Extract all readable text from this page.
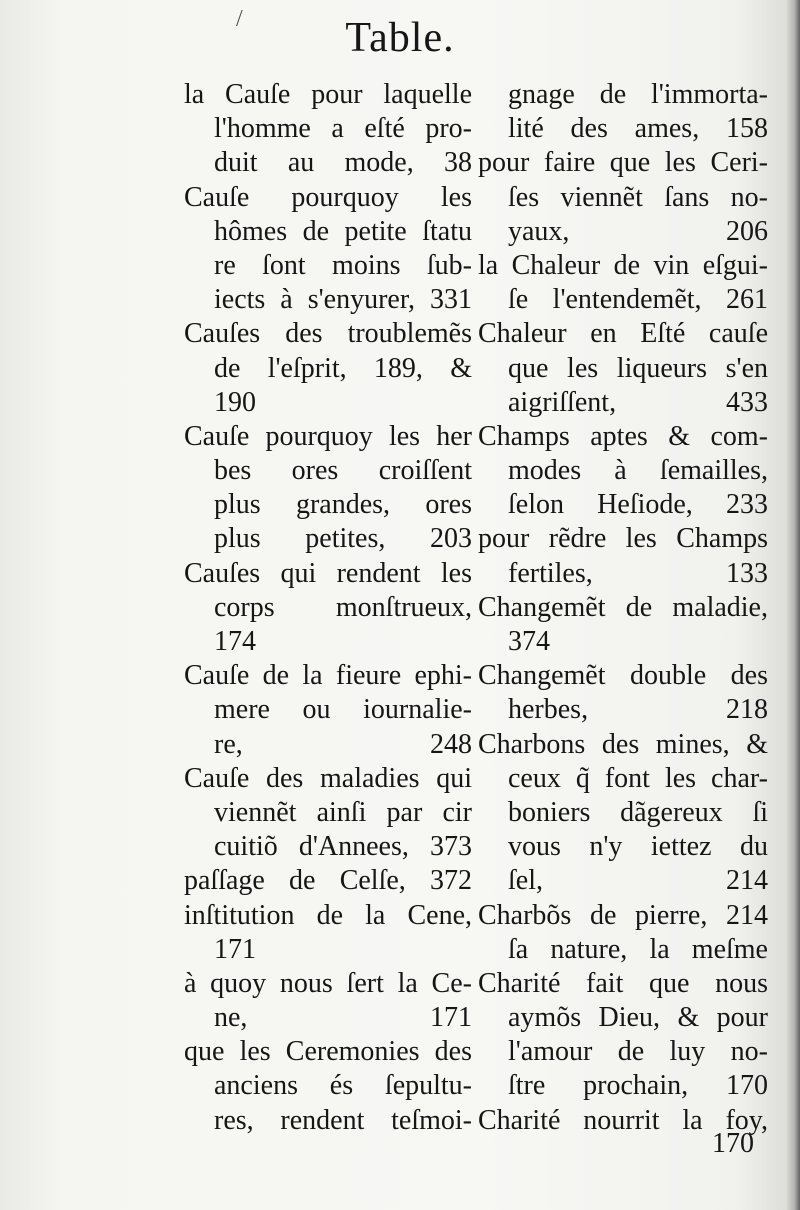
/	Table.
la Cauſe pour laquelle
l'homme a eſté pro-
duit au mode, 38
Cauſe pourquoy les
hômes de petite ſtatu
re ſont moins ſub-
iects à s'enyurer, 331
Cauſes des troublemẽs
de l'eſprit, 189, &
190
Cauſe pourquoy les her
bes ores croiſſent
plus grandes, ores
plus petites, 203
Cauſes qui rendent les
corps monſtrueux,
174
Cauſe de la fieure ephi-
mere ou iournalie-
re, 248
Cauſe des maladies qui
viennẽt ainſi par cir
cuitiõ d'Annees, 373
paſſage de Celſe, 372
inſtitution de la Cene,
171
à quoy nous ſert la Ce-
ne, 171
que les Ceremonies des
anciens és ſepultu-
res, rendent teſmoi-
gnage de l'immorta-
lité des ames, 158
pour faire que les Ceri-
ſes viennẽt ſans no-
yaux, 206
la Chaleur de vin eſgui-
ſe l'entendemẽt, 261
Chaleur en Eſté cauſe
que les liqueurs s'en
aigriſſent, 433
Champs aptes & com-
modes à ſemailles,
ſelon Heſiode, 233
pour rẽdre les Champs
fertiles, 133
Changemẽt de maladie,
374
Changemẽt double des
herbes, 218
Charbons des mines, &
ceux q̃ font les char-
boniers dãgereux ſi
vous n'y iettez du
ſel, 214
Charbõs de pierre, 214
ſa nature, la meſme
Charité fait que nous
aymõs Dieu, & pour
l'amour de luy no-
ſtre prochain, 170
Charité nourrit la foy,
170
